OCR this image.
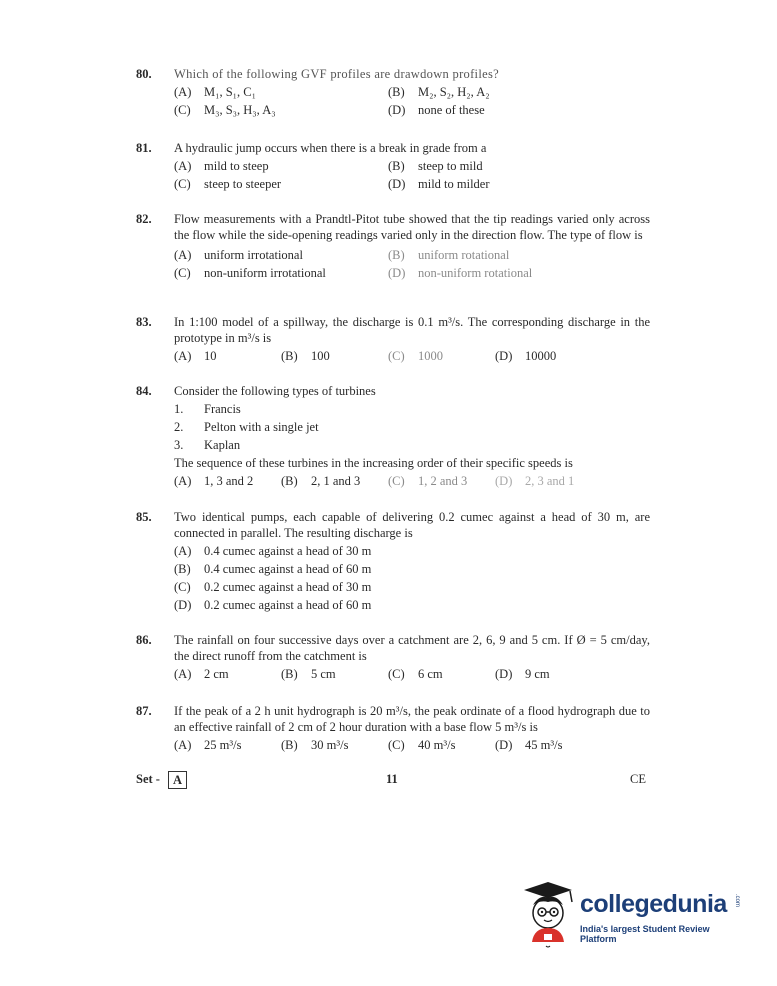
80. Which of the following GVF profiles are drawdown profiles?
(A)	M₁, S₁, C₁	(B)	M₂, S₂, H₂, A₂
(C)	M₃, S₃, H₃, A₃	(D)	none of these
81. A hydraulic jump occurs when there is a break in grade from a
(A)	mild to steep	(B)	steep to mild
(C)	steep to steeper	(D)	mild to milder
82. Flow measurements with a Prandtl-Pitot tube showed that the tip readings varied only across the flow while the side-opening readings varied only in the direction flow. The type of flow is
(A)	uniform irrotational	(B)	uniform rotational
(C)	non-uniform irrotational	(D)	non-uniform rotational
83. In 1:100 model of a spillway, the discharge is 0.1 m³/s. The corresponding discharge in the prototype in m³/s is
(A)	10	(B)	100	(C)	1000	(D)	10000
84. Consider the following types of turbines
1.	Francis
2.	Pelton with a single jet
3.	Kaplan
The sequence of these turbines in the increasing order of their specific speeds is
(A)	1, 3 and 2 (B)	2, 1 and 3 (C)	1, 2 and 3 (D)	2, 3 and 1
85. Two identical pumps, each capable of delivering 0.2 cumec against a head of 30 m, are connected in parallel. The resulting discharge is
(A)	0.4 cumec against a head of 30 m
(B)	0.4 cumec against a head of 60 m
(C)	0.2 cumec against a head of 30 m
(D)	0.2 cumec against a head of 60 m
86. The rainfall on four successive days over a catchment are 2, 6, 9 and 5 cm. If Ø = 5 cm/day, the direct runoff from the catchment is
(A)	2 cm	(B)	5 cm	(C)	6 cm	(D)	9 cm
87. If the peak of a 2 h unit hydrograph is 20 m³/s, the peak ordinate of a flood hydrograph due to an effective rainfall of 2 cm of 2 hour duration with a base flow 5 m³/s is
(A)	25 m³/s	(B)	30 m³/s	(C)	40 m³/s	(D)	45 m³/s
Set -	A	11	CE
collegedunia .com
India's largest Student Review Platform
